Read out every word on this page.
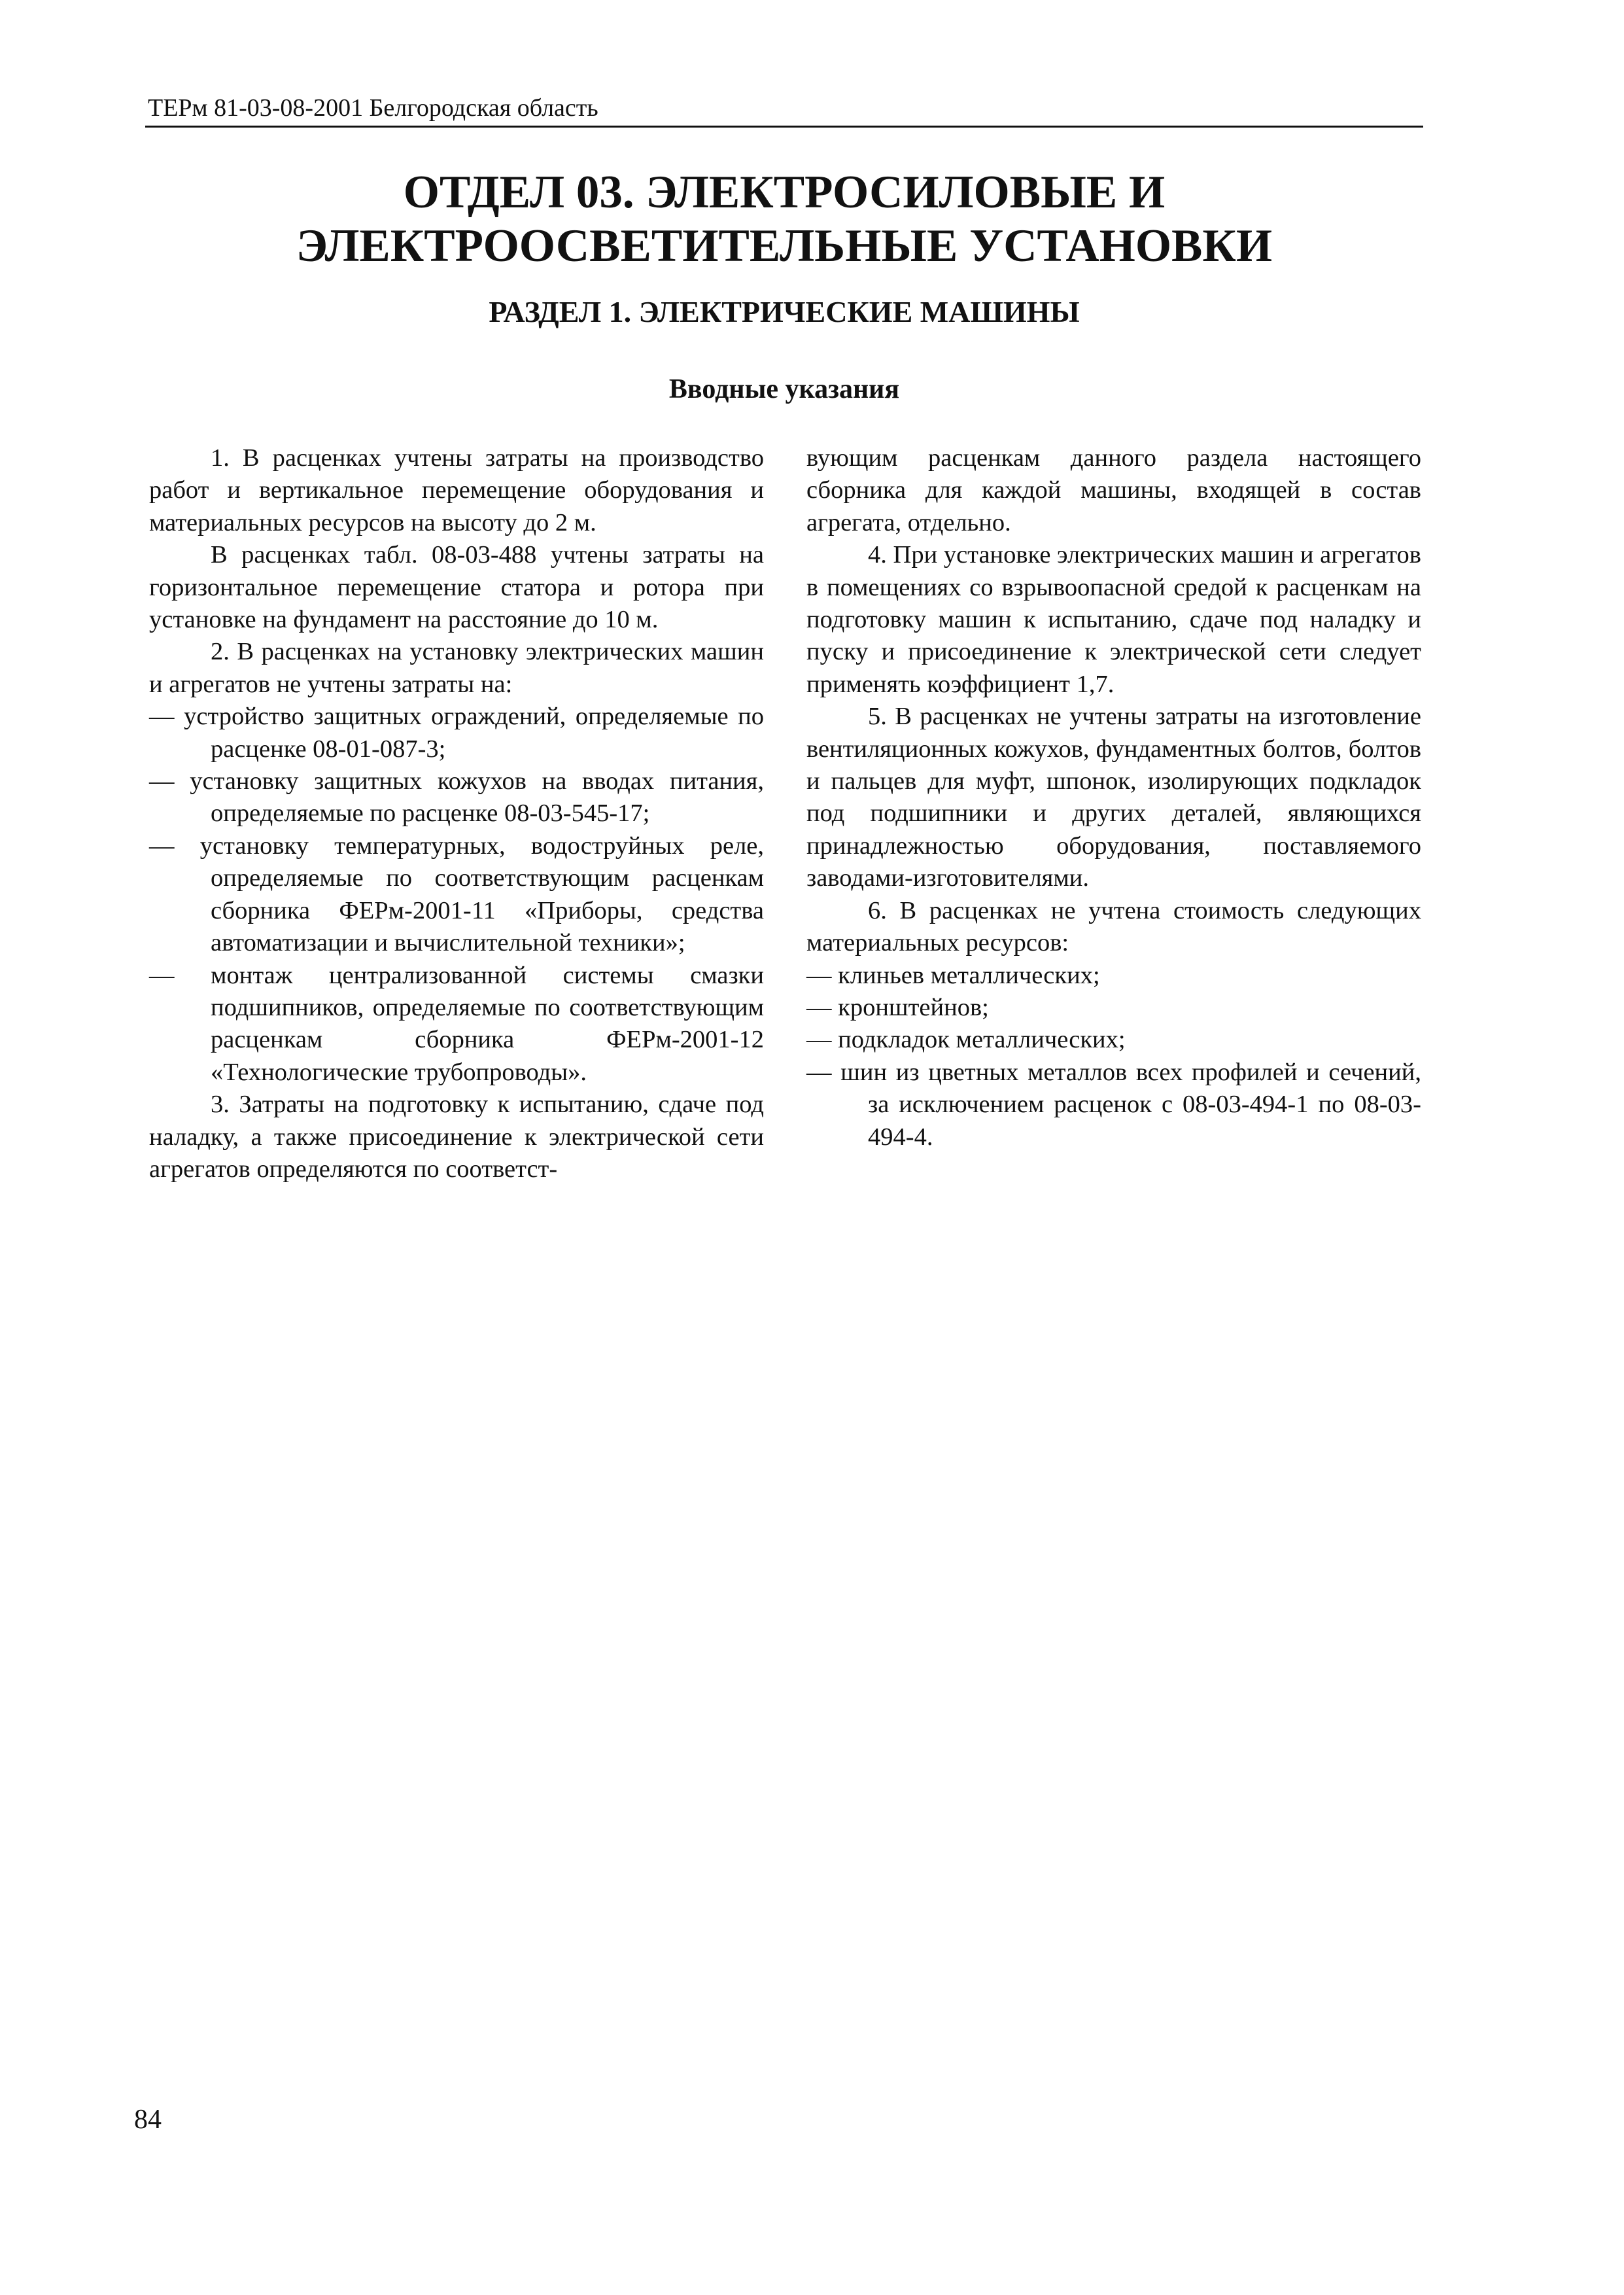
ТЕРм 81-03-08-2001 Белгородская область
ОТДЕЛ 03. ЭЛЕКТРОСИЛОВЫЕ И
ЭЛЕКТРООСВЕТИТЕЛЬНЫЕ УСТАНОВКИ
РАЗДЕЛ 1. ЭЛЕКТРИЧЕСКИЕ МАШИНЫ
Вводные указания

1. В расценках учтены затраты на производство работ и вертикальное перемещение оборудования и материальных ресурсов на высоту до 2 м.

В расценках табл. 08-03-488 учтены затраты на горизонтальное перемещение статора и ротора при установке на фундамент на расстояние до 10 м.

2. В расценках на установку электрических машин и агрегатов не учтены затраты на:

— устройство защитных ограждений, определяемые по расценке 08-01-087-3;

— установку защитных кожухов на вводах питания, определяемые по расценке 08-03-545-17;

— установку температурных, водоструйных реле, определяемые по соответствующим расценкам сборника ФЕРм-2001-11 «Приборы, средства автоматизации и вычислительной техники»;

— монтаж централизованной системы смазки подшипников, определяемые по соответствующим расценкам сборника ФЕРм-2001-12 «Технологические трубопроводы».

3. Затраты на подготовку к испытанию, сдаче под наладку, а также присоединение к электрической сети агрегатов определяются по соответст-

вующим расценкам данного раздела настоящего сборника для каждой машины, входящей в состав агрегата, отдельно.

4. При установке электрических машин и агрегатов в помещениях со взрывоопасной средой к расценкам на подготовку машин к испытанию, сдаче под наладку и пуску и присоединение к электрической сети следует применять коэффициент 1,7.

5. В расценках не учтены затраты на изготовление вентиляционных кожухов, фундаментных болтов, болтов и пальцев для муфт, шпонок, изолирующих подкладок под подшипники и других деталей, являющихся принадлежностью оборудования, поставляемого заводами-изготовителями.

6. В расценках не учтена стоимость следующих материальных ресурсов:

— клиньев металлических;

— кронштейнов;

— подкладок металлических;

— шин из цветных металлов всех профилей и сечений, за исключением расценок с 08-03-494-1 по 08-03-494-4.

84
